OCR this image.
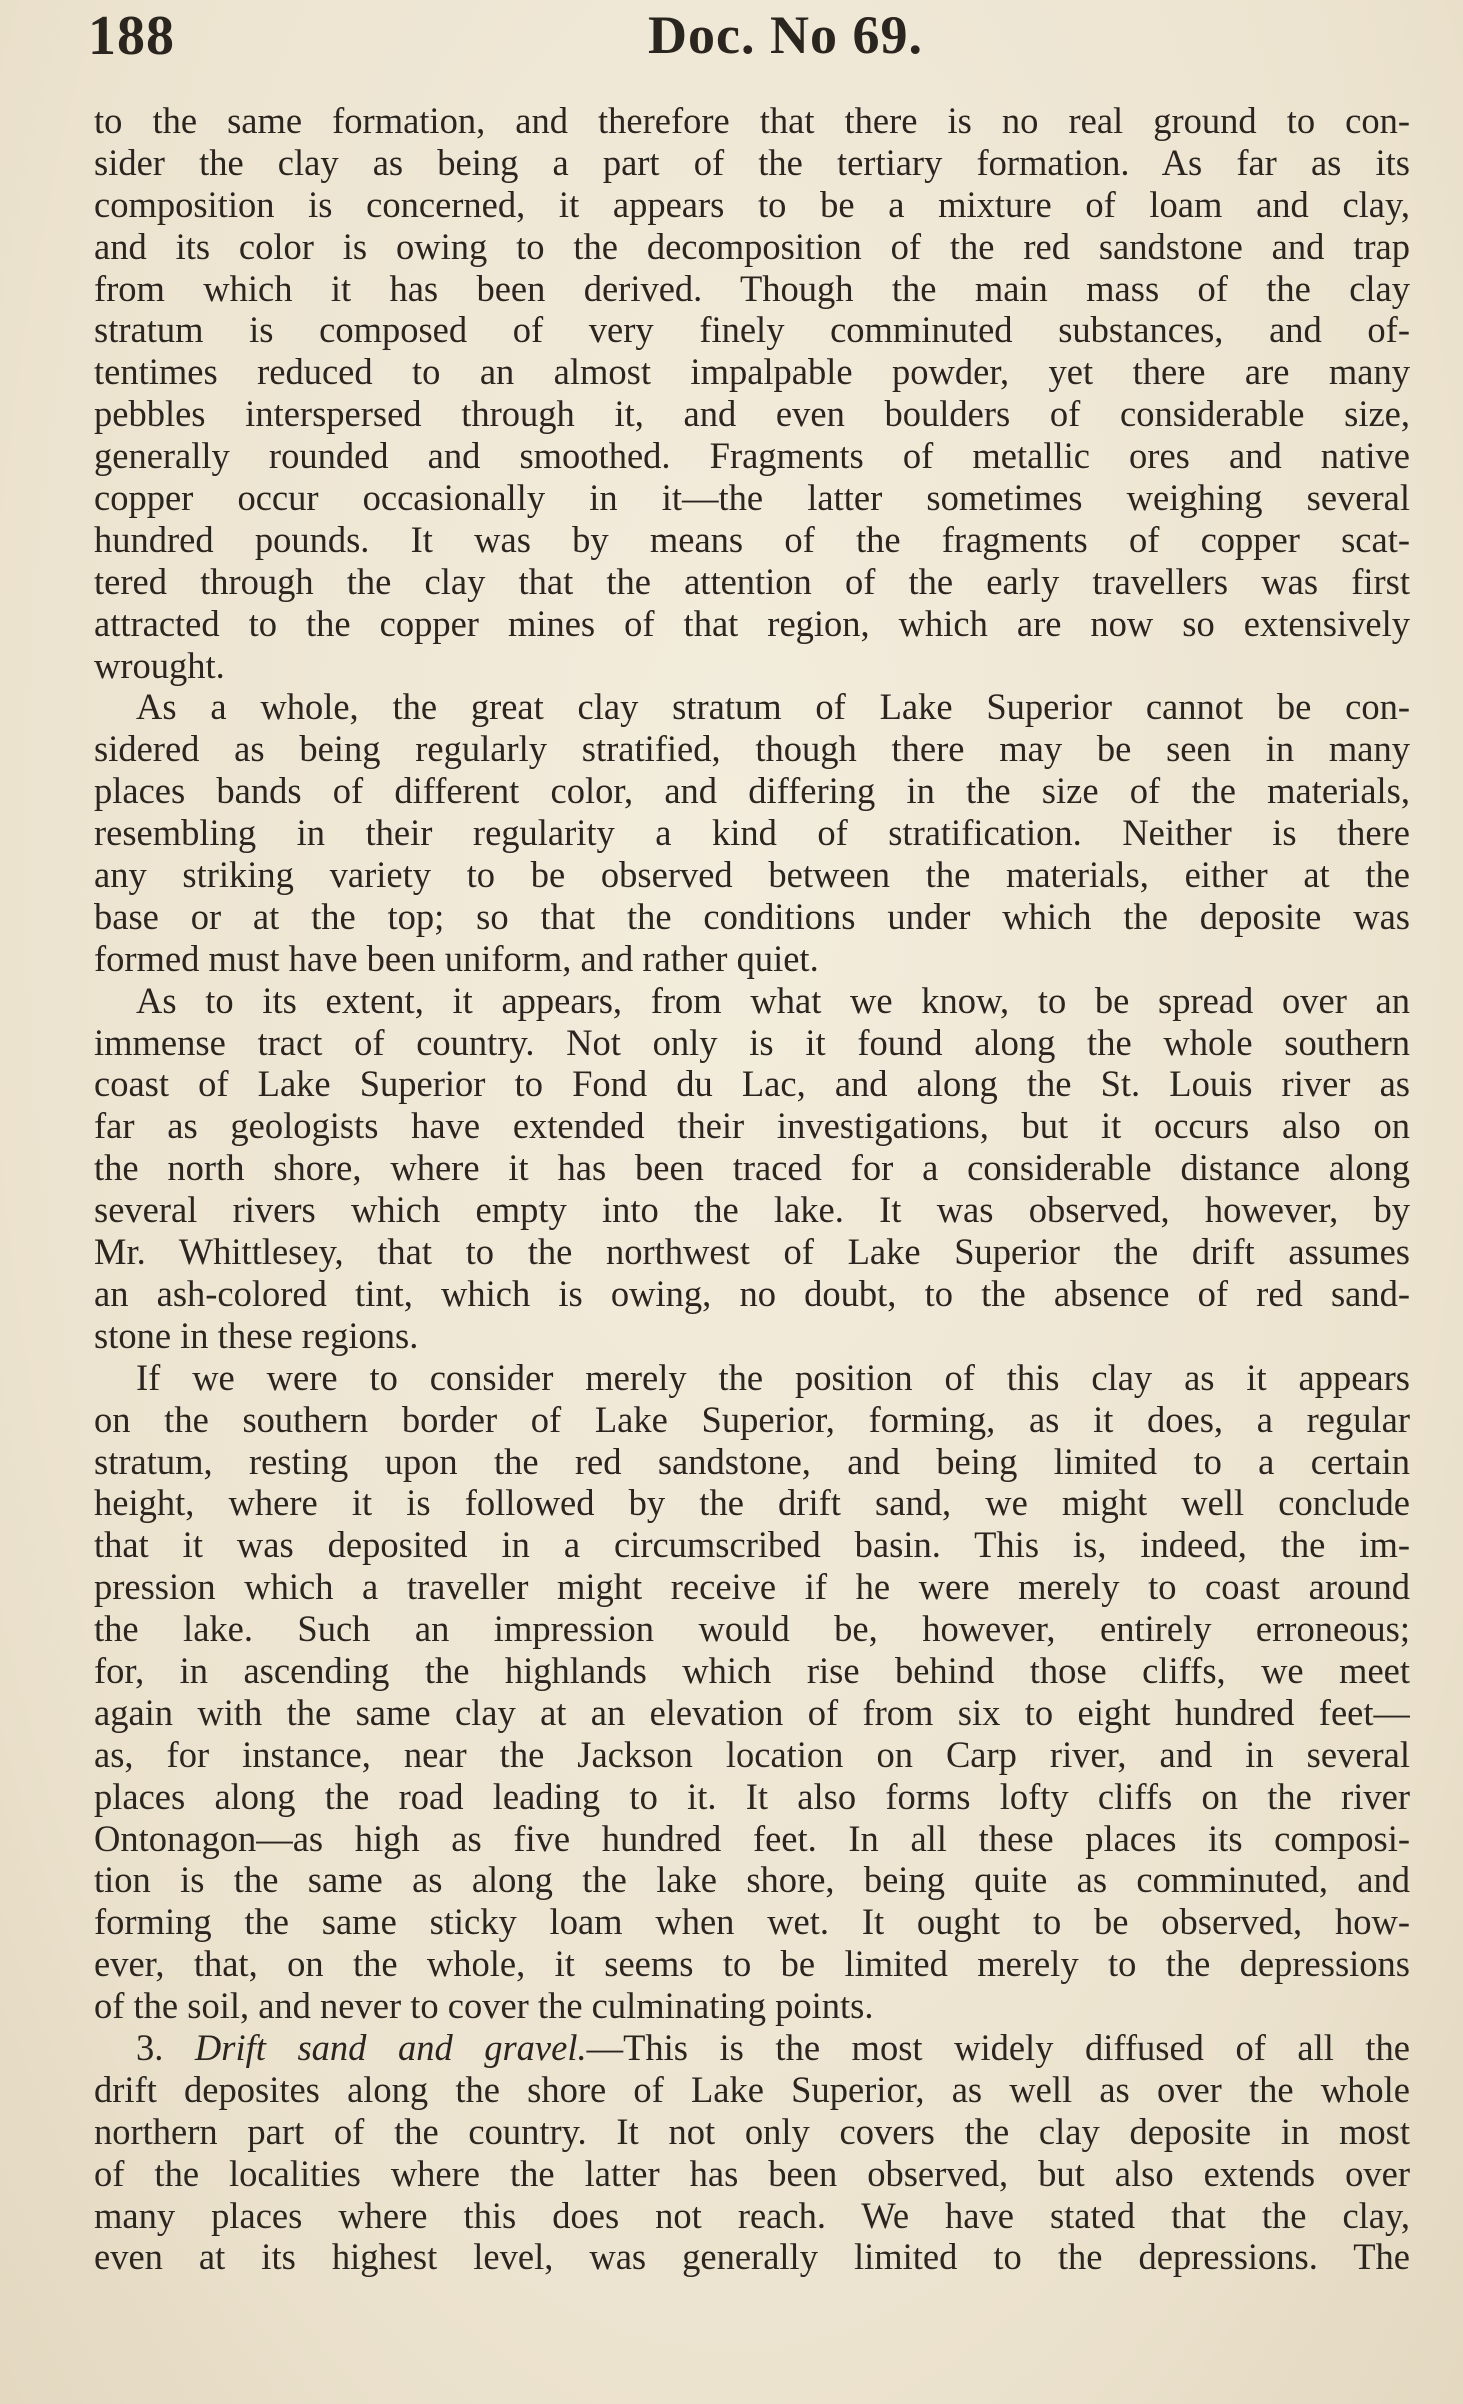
188	Doc. No 69.
to the same formation, and therefore that there is no real ground to con-
sider the clay as being a part of the tertiary formation. As far as its
composition is concerned, it appears to be a mixture of loam and clay,
and its color is owing to the decomposition of the red sandstone and trap
from which it has been derived. Though the main mass of the clay
stratum is composed of very finely comminuted substances, and of-
tentimes reduced to an almost impalpable powder, yet there are many
pebbles interspersed through it, and even boulders of considerable size,
generally rounded and smoothed. Fragments of metallic ores and native
copper occur occasionally in it—the latter sometimes weighing several
hundred pounds. It was by means of the fragments of copper scat-
tered through the clay that the attention of the early travellers was first
attracted to the copper mines of that region, which are now so extensively
wrought.
As a whole, the great clay stratum of Lake Superior cannot be con-
sidered as being regularly stratified, though there may be seen in many
places bands of different color, and differing in the size of the materials,
resembling in their regularity a kind of stratification. Neither is there
any striking variety to be observed between the materials, either at the
base or at the top; so that the conditions under which the deposite was
formed must have been uniform, and rather quiet.
As to its extent, it appears, from what we know, to be spread over an
immense tract of country. Not only is it found along the whole southern
coast of Lake Superior to Fond du Lac, and along the St. Louis river as
far as geologists have extended their investigations, but it occurs also on
the north shore, where it has been traced for a considerable distance along
several rivers which empty into the lake. It was observed, however, by
Mr. Whittlesey, that to the northwest of Lake Superior the drift assumes
an ash-colored tint, which is owing, no doubt, to the absence of red sand-
stone in these regions.
If we were to consider merely the position of this clay as it appears
on the southern border of Lake Superior, forming, as it does, a regular
stratum, resting upon the red sandstone, and being limited to a certain
height, where it is followed by the drift sand, we might well conclude
that it was deposited in a circumscribed basin. This is, indeed, the im-
pression which a traveller might receive if he were merely to coast around
the lake. Such an impression would be, however, entirely erroneous;
for, in ascending the highlands which rise behind those cliffs, we meet
again with the same clay at an elevation of from six to eight hundred feet—
as, for instance, near the Jackson location on Carp river, and in several
places along the road leading to it. It also forms lofty cliffs on the river
Ontonagon—as high as five hundred feet. In all these places its composi-
tion is the same as along the lake shore, being quite as comminuted, and
forming the same sticky loam when wet. It ought to be observed, how-
ever, that, on the whole, it seems to be limited merely to the depressions
of the soil, and never to cover the culminating points.
3. Drift sand and gravel.—This is the most widely diffused of all the
drift deposites along the shore of Lake Superior, as well as over the whole
northern part of the country. It not only covers the clay deposite in most
of the localities where the latter has been observed, but also extends over
many places where this does not reach. We have stated that the clay,
even at its highest level, was generally limited to the depressions. The
